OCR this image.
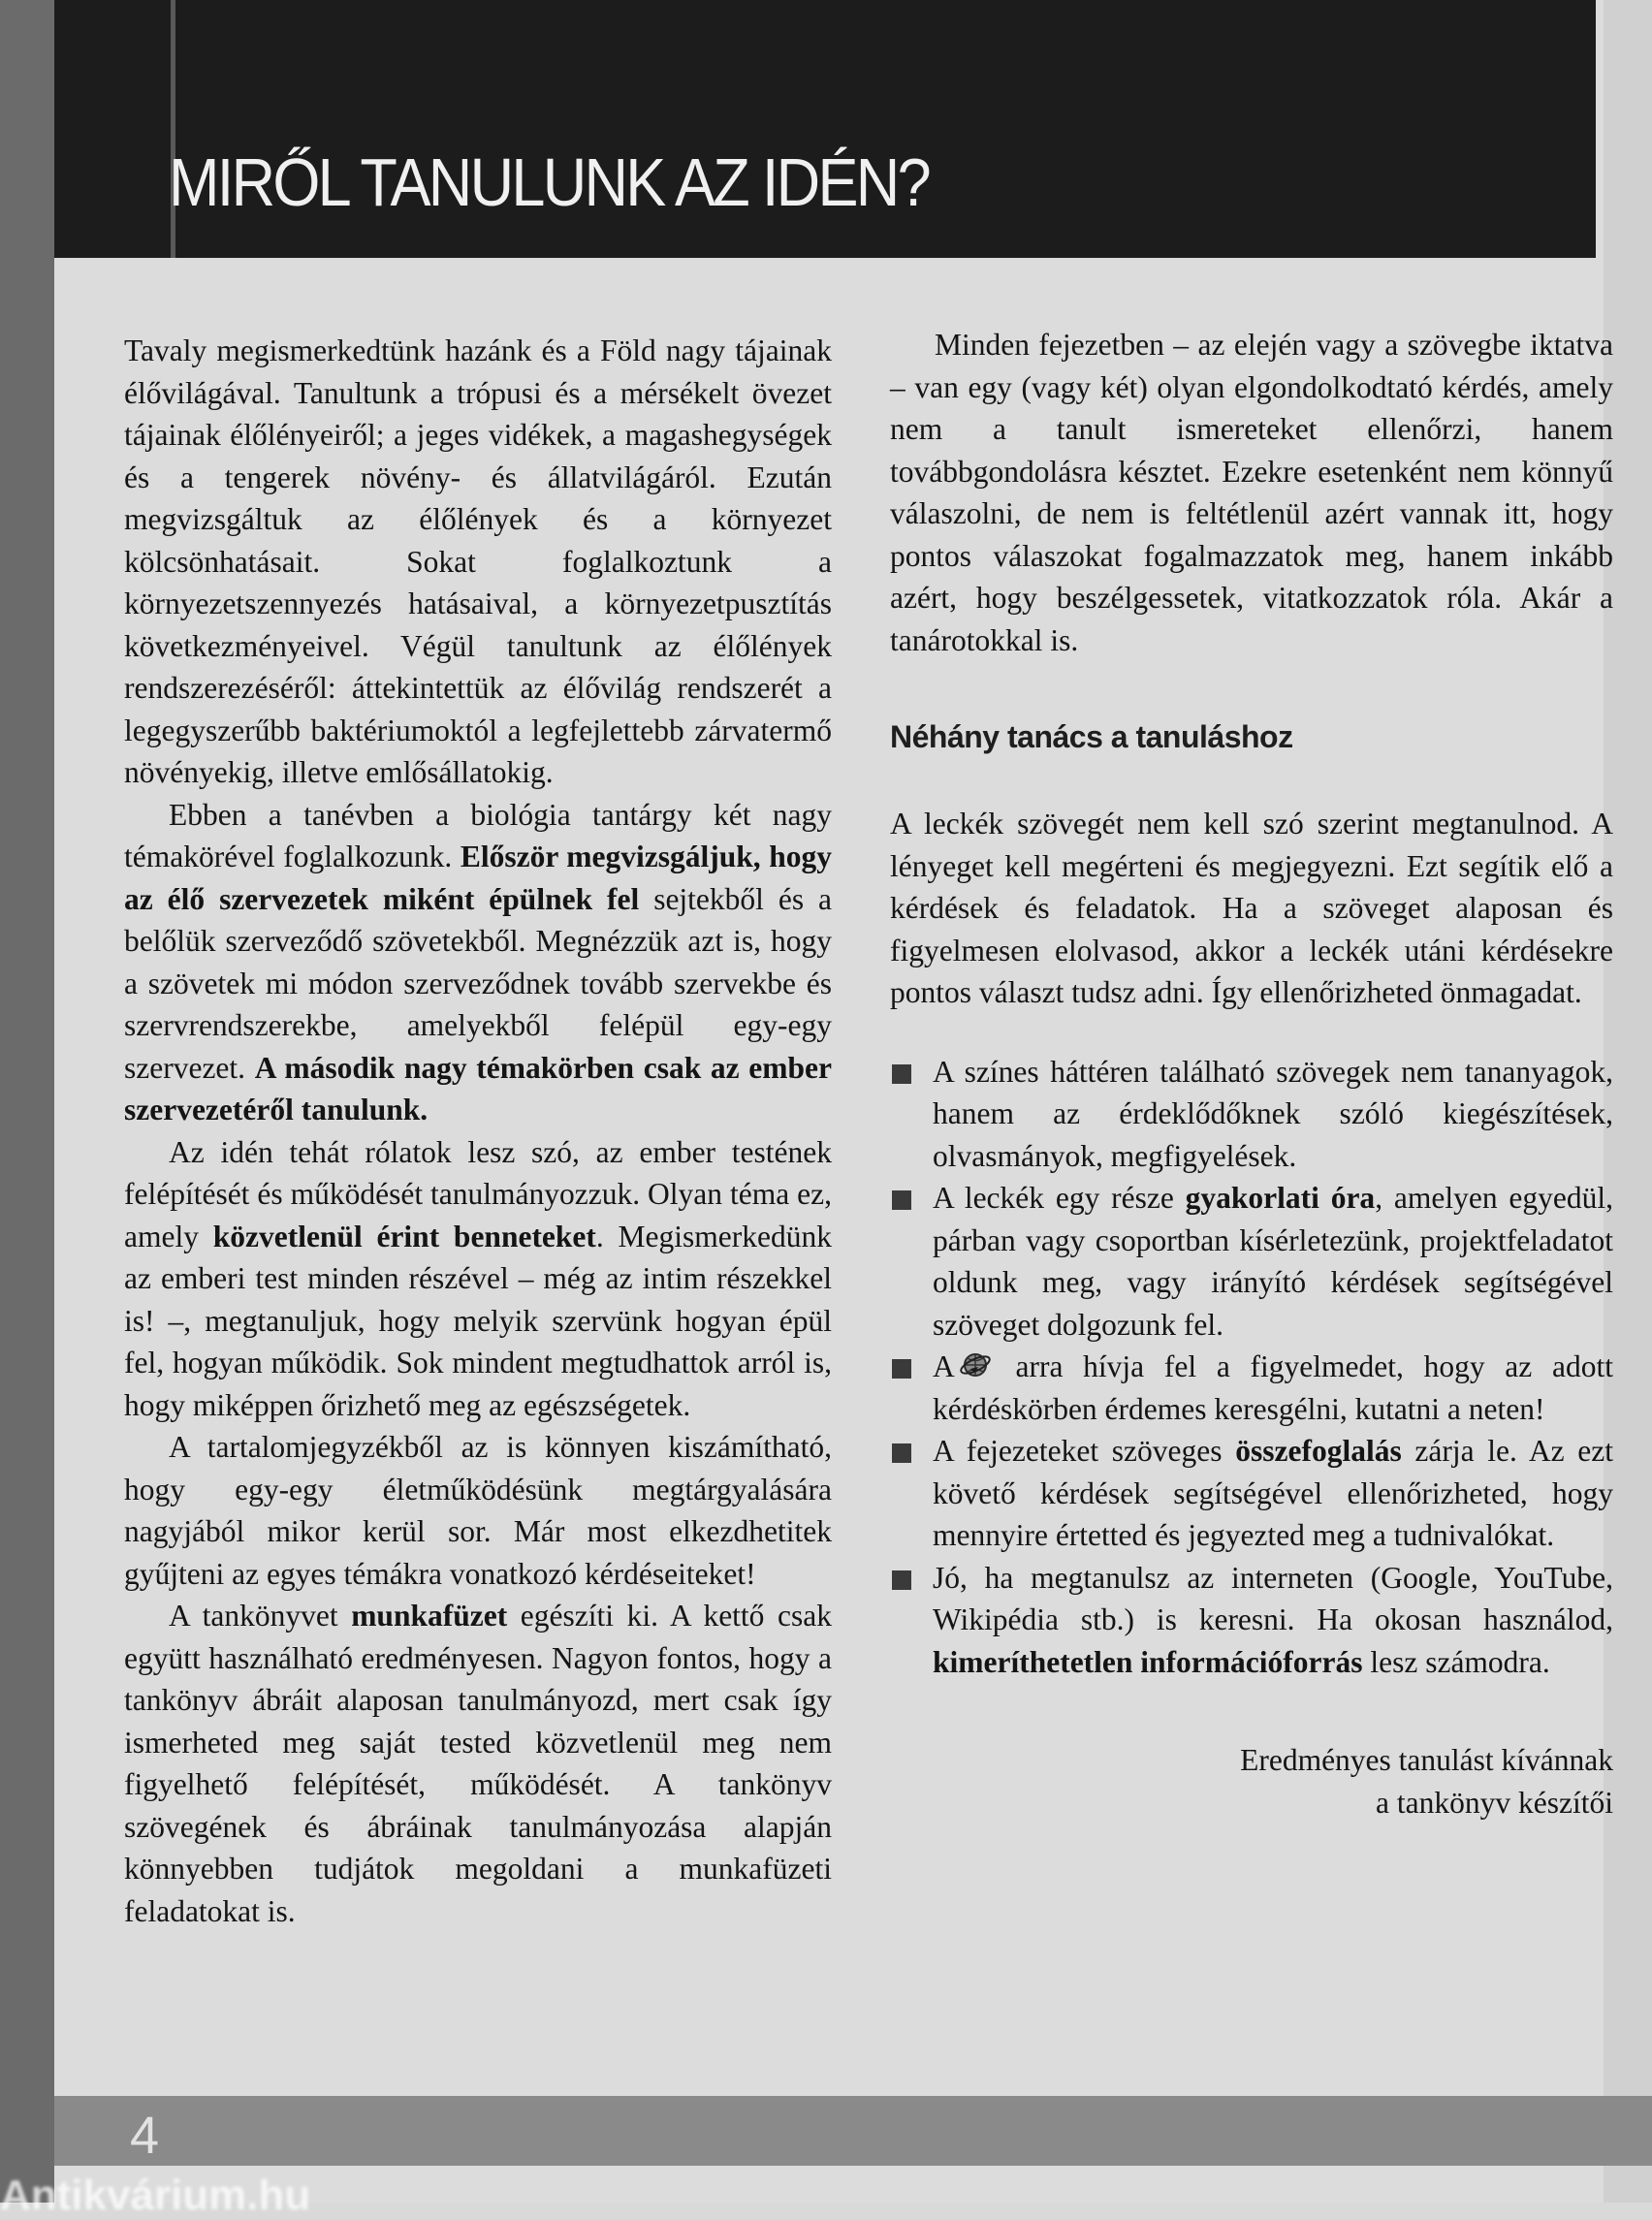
MIRŐL TANULUNK AZ IDÉN?

Tavaly megismerkedtünk hazánk és a Föld nagy tájainak élővilágával. Tanultunk a trópusi és a mérsékelt övezet tájainak élőlényeiről; a jeges vidékek, a magashegységek és a tengerek növény- és állatvilágáról. Ezután megvizsgáltuk az élőlények és a környezet kölcsönhatásait. Sokat foglalkoztunk a környezetszennyezés hatásaival, a környezetpusztítás következményeivel. Végül tanultunk az élőlények rendszerezéséről: áttekintettük az élővilág rendszerét a legegyszerűbb baktériumoktól a legfejlettebb zárvatermő növényekig, illetve emlősállatokig.

Ebben a tanévben a biológia tantárgy két nagy témakörével foglalkozunk. Először megvizsgáljuk, hogy az élő szervezetek miként épülnek fel sejtekből és a belőlük szerveződő szövetekből. Megnézzük azt is, hogy a szövetek mi módon szerveződnek tovább szervekbe és szervrendszerekbe, amelyekből felépül egy-egy szervezet. A második nagy témakörben csak az ember szervezetéről tanulunk.

Az idén tehát rólatok lesz szó, az ember testének felépítését és működését tanulmányozzuk. Olyan téma ez, amely közvetlenül érint benneteket. Megismerkedünk az emberi test minden részével – még az intim részekkel is! –, megtanuljuk, hogy melyik szervünk hogyan épül fel, hogyan működik. Sok mindent megtudhattok arról is, hogy miképpen őrizhető meg az egészségetek.

A tartalomjegyzékből az is könnyen kiszámítható, hogy egy-egy életműködésünk megtárgyalására nagyjából mikor kerül sor. Már most elkezdhetitek gyűjteni az egyes témákra vonatkozó kérdéseiteket!

A tankönyvet munkafüzet egészíti ki. A kettő csak együtt használható eredményesen. Nagyon fontos, hogy a tankönyv ábráit alaposan tanulmányozd, mert csak így ismerheted meg saját tested közvetlenül meg nem figyelhető felépítését, működését. A tankönyv szövegének és ábráinak tanulmányozása alapján könnyebben tudjátok megoldani a munkafüzeti feladatokat is.

Minden fejezetben – az elején vagy a szövegbe iktatva – van egy (vagy két) olyan elgondolkodtató kérdés, amely nem a tanult ismereteket ellenőrzi, hanem továbbgondolásra késztet. Ezekre esetenként nem könnyű válaszolni, de nem is feltétlenül azért vannak itt, hogy pontos válaszokat fogalmazzatok meg, hanem inkább azért, hogy beszélgessetek, vitatkozzatok róla. Akár a tanárotokkal is.

Néhány tanács a tanuláshoz

A leckék szövegét nem kell szó szerint megtanulnod. A lényeget kell megérteni és megjegyezni. Ezt segítik elő a kérdések és feladatok. Ha a szöveget alaposan és figyelmesen elolvasod, akkor a leckék utáni kérdésekre pontos választ tudsz adni. Így ellenőrizheted önmagadat.

A színes háttéren található szövegek nem tananyagok, hanem az érdeklődőknek szóló kiegészítések, olvasmányok, megfigyelések.
A leckék egy része gyakorlati óra, amelyen egyedül, párban vagy csoportban kísérletezünk, projektfeladatot oldunk meg, vagy irányító kérdések segítségével szöveget dolgozunk fel.
A arra hívja fel a figyelmedet, hogy az adott kérdéskörben érdemes keresgélni, kutatni a neten!
A fejezeteket szöveges összefoglalás zárja le. Az ezt követő kérdések segítségével ellenőrizheted, hogy mennyire értetted és jegyezted meg a tudnivalókat.
Jó, ha megtanulsz az interneten (Google, YouTube, Wikipédia stb.) is keresni. Ha okosan használod, kimeríthetetlen információforrás lesz számodra.

Eredményes tanulást kívánnak
a tankönyv készítői

4
Antikvárium.hu
